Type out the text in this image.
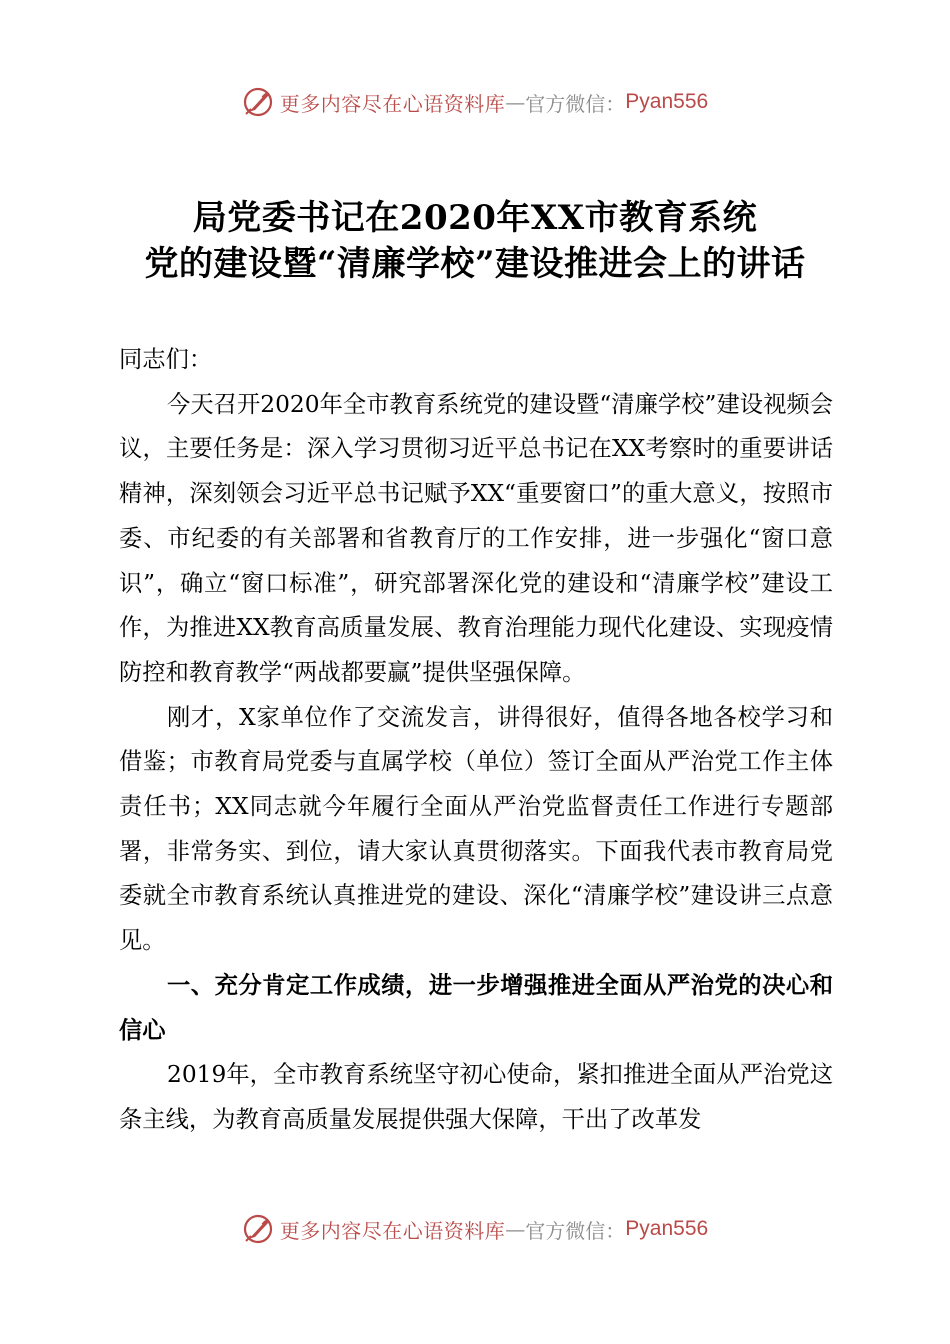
更多内容尽在心语资料库 — 官方微信： Pyan556
局党委书记在2020年XX市教育系统
党的建设暨“清廉学校”建设推进会上的讲话

同志们：

今天召开2020年全市教育系统党的建设暨“清廉学校”建设视频会议，主要任务是：深入学习贯彻习近平总书记在XX考察时的重要讲话精神，深刻领会习近平总书记赋予XX“重要窗口”的重大意义，按照市委、市纪委的有关部署和省教育厅的工作安排，进一步强化“窗口意识”，确立“窗口标准”，研究部署深化党的建设和“清廉学校”建设工作，为推进XX教育高质量发展、教育治理能力现代化建设、实现疫情防控和教育教学“两战都要赢”提供坚强保障。

刚才，X家单位作了交流发言，讲得很好，值得各地各校学习和借鉴；市教育局党委与直属学校（单位）签订全面从严治党工作主体责任书；XX同志就今年履行全面从严治党监督责任工作进行专题部署，非常务实、到位，请大家认真贯彻落实。下面我代表市教育局党委就全市教育系统认真推进党的建设、深化“清廉学校”建设讲三点意见。

一、充分肯定工作成绩，进一步增强推进全面从严治党的决心和信心

2019年，全市教育系统坚守初心使命，紧扣推进全面从严治党这条主线，为教育高质量发展提供强大保障，干出了改革发

更多内容尽在心语资料库 — 官方微信： Pyan556
